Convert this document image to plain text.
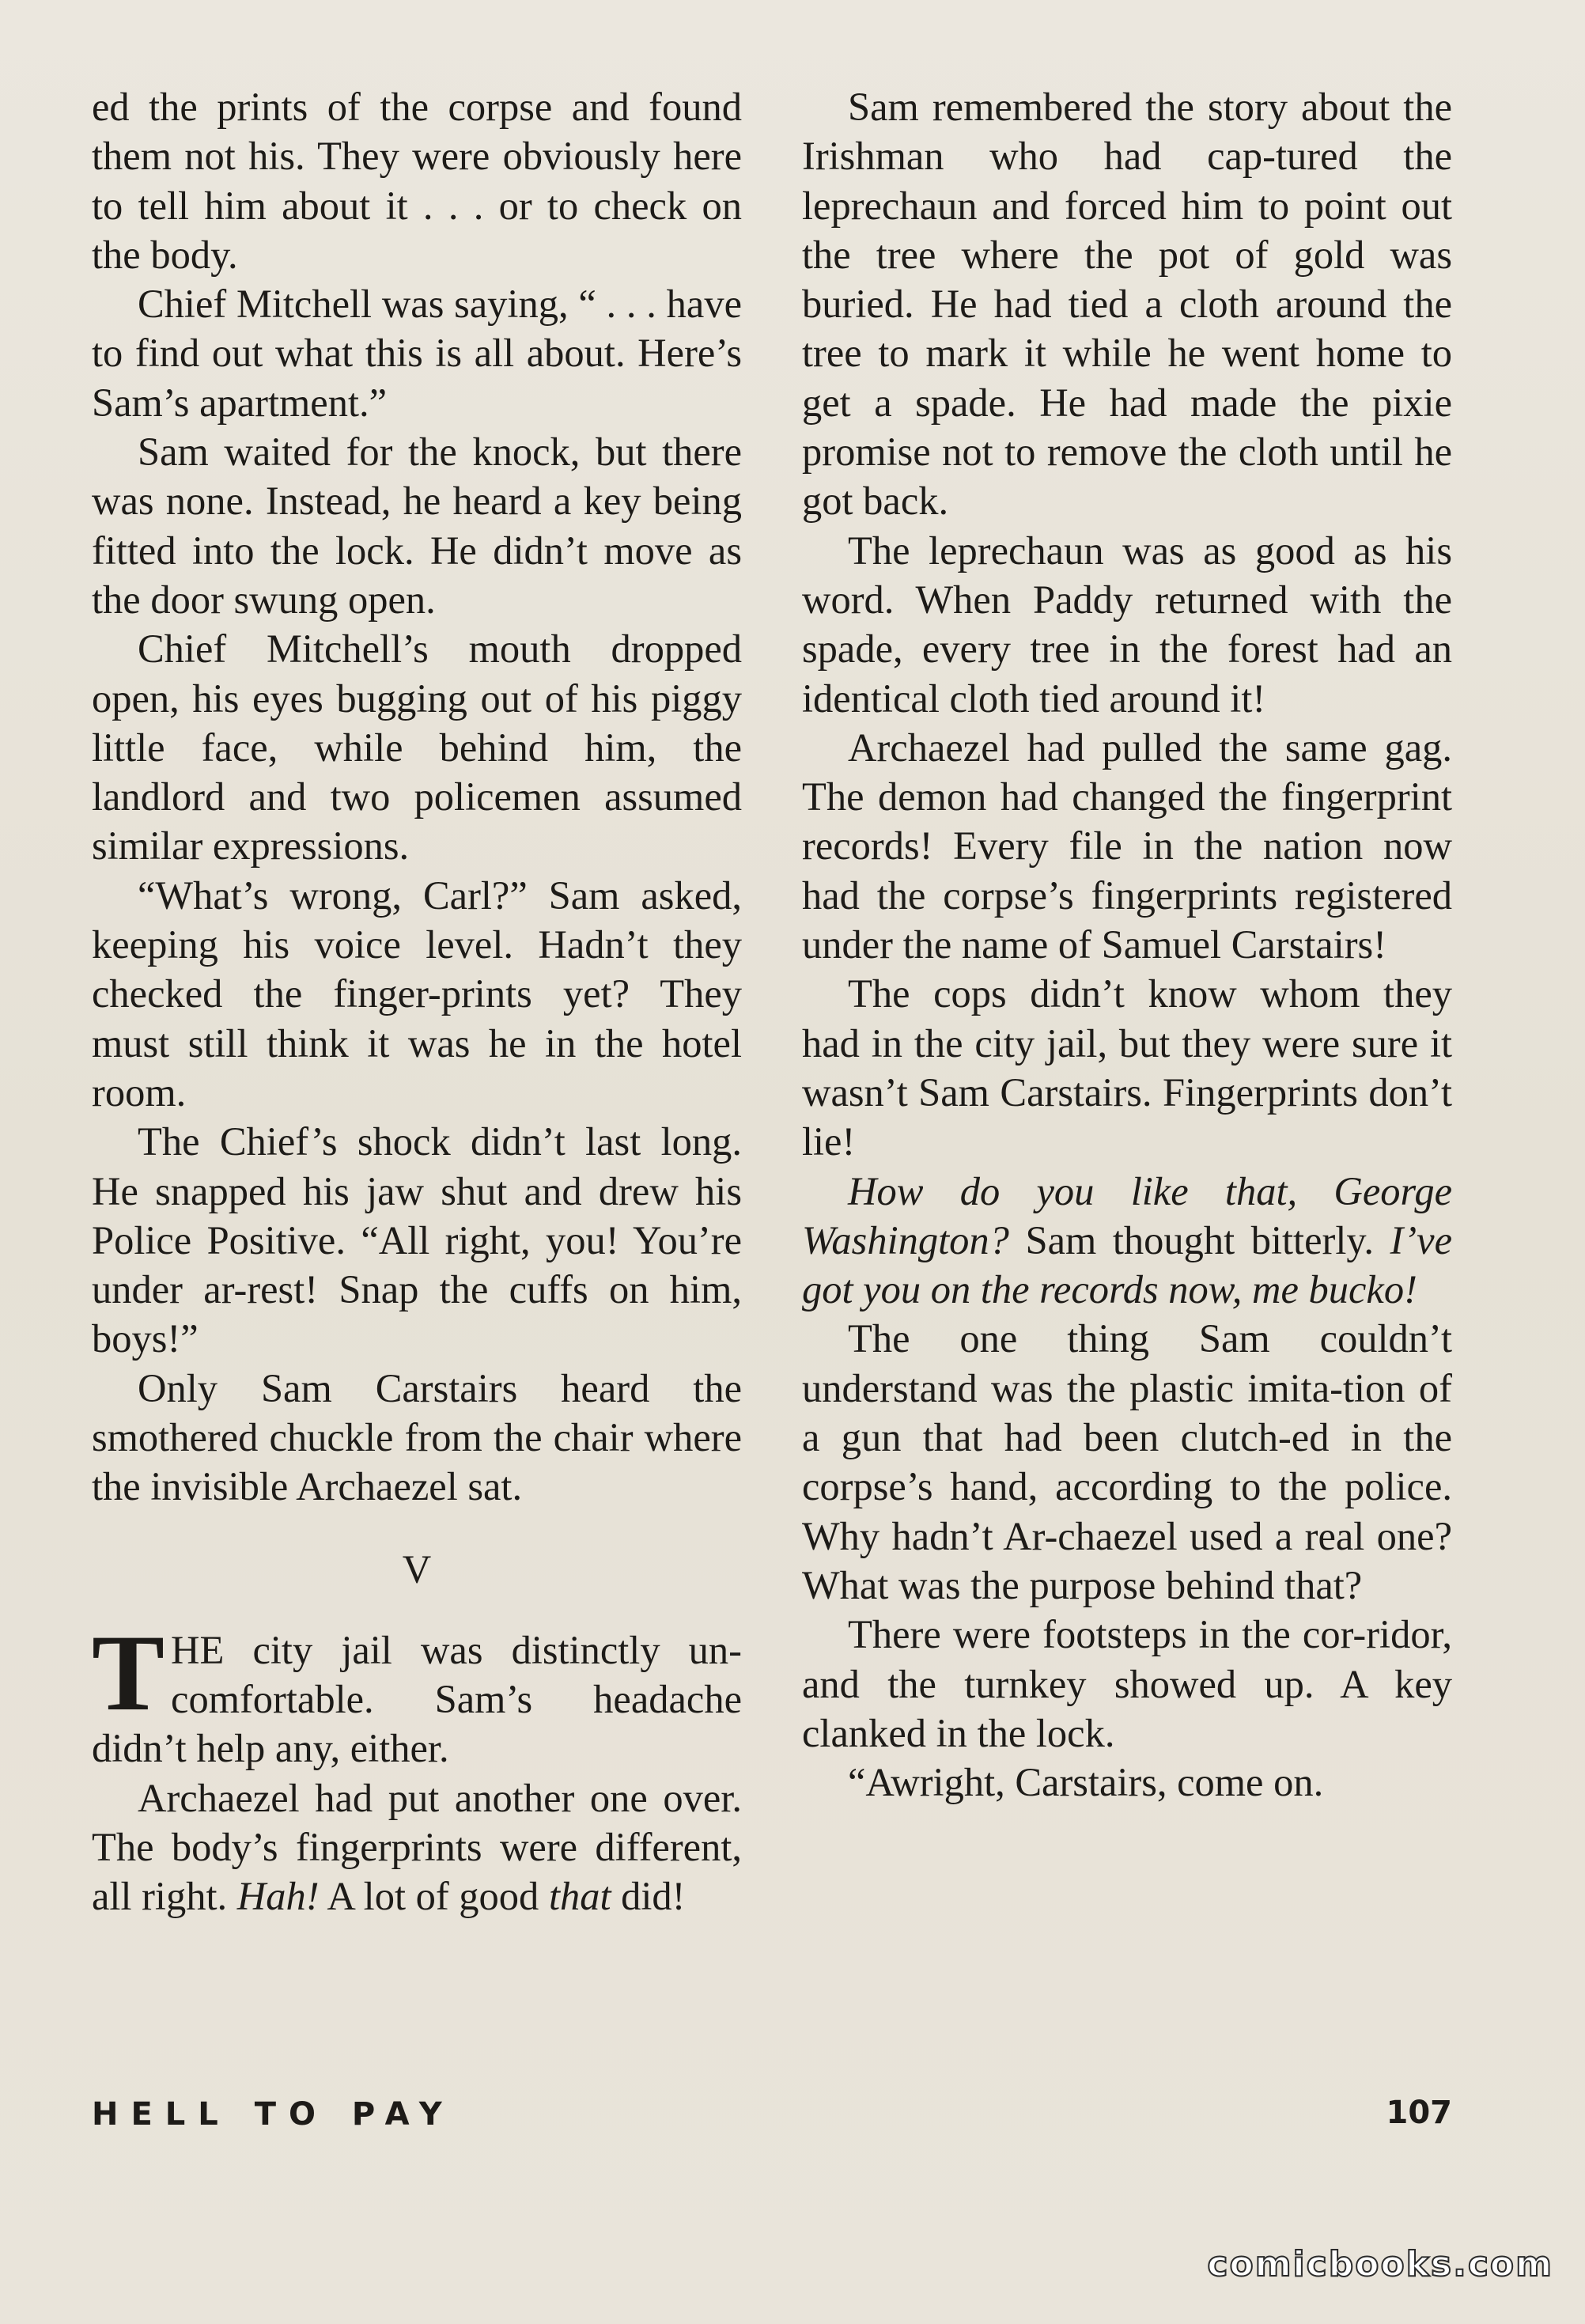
ed the prints of the corpse and found them not his. They were obviously here to tell him about it . . . or to check on the body.

Chief Mitchell was saying, “ . . . have to find out what this is all about. Here’s Sam’s apartment.”

Sam waited for the knock, but there was none. Instead, he heard a key being fitted into the lock. He didn’t move as the door swung open.

Chief Mitchell’s mouth dropped open, his eyes bugging out of his piggy little face, while behind him, the landlord and two policemen assumed similar expressions.

“What’s wrong, Carl?” Sam asked, keeping his voice level. Hadn’t they checked the finger-prints yet? They must still think it was he in the hotel room.

The Chief’s shock didn’t last long. He snapped his jaw shut and drew his Police Positive. “All right, you! You’re under ar-rest! Snap the cuffs on him, boys!”

Only Sam Carstairs heard the smothered chuckle from the chair where the invisible Archaezel sat.

V

THE city jail was distinctly un-comfortable. Sam’s headache didn’t help any, either.

Archaezel had put another one over. The body’s fingerprints were different, all right. Hah! A lot of good that did!

Sam remembered the story about the Irishman who had cap-tured the leprechaun and forced him to point out the tree where the pot of gold was buried. He had tied a cloth around the tree to mark it while he went home to get a spade. He had made the pixie promise not to remove the cloth until he got back.

The leprechaun was as good as his word. When Paddy returned with the spade, every tree in the forest had an identical cloth tied around it!

Archaezel had pulled the same gag. The demon had changed the fingerprint records! Every file in the nation now had the corpse’s fingerprints registered under the name of Samuel Carstairs!

The cops didn’t know whom they had in the city jail, but they were sure it wasn’t Sam Carstairs. Fingerprints don’t lie!

How do you like that, George Washington? Sam thought bitterly. I’ve got you on the records now, me bucko!

The one thing Sam couldn’t understand was the plastic imita-tion of a gun that had been clutch-ed in the corpse’s hand, according to the police. Why hadn’t Ar-chaezel used a real one? What was the purpose behind that?

There were footsteps in the cor-ridor, and the turnkey showed up. A key clanked in the lock.

“Awright, Carstairs, come on.

HELL TO PAY	107
comicbooks.com
